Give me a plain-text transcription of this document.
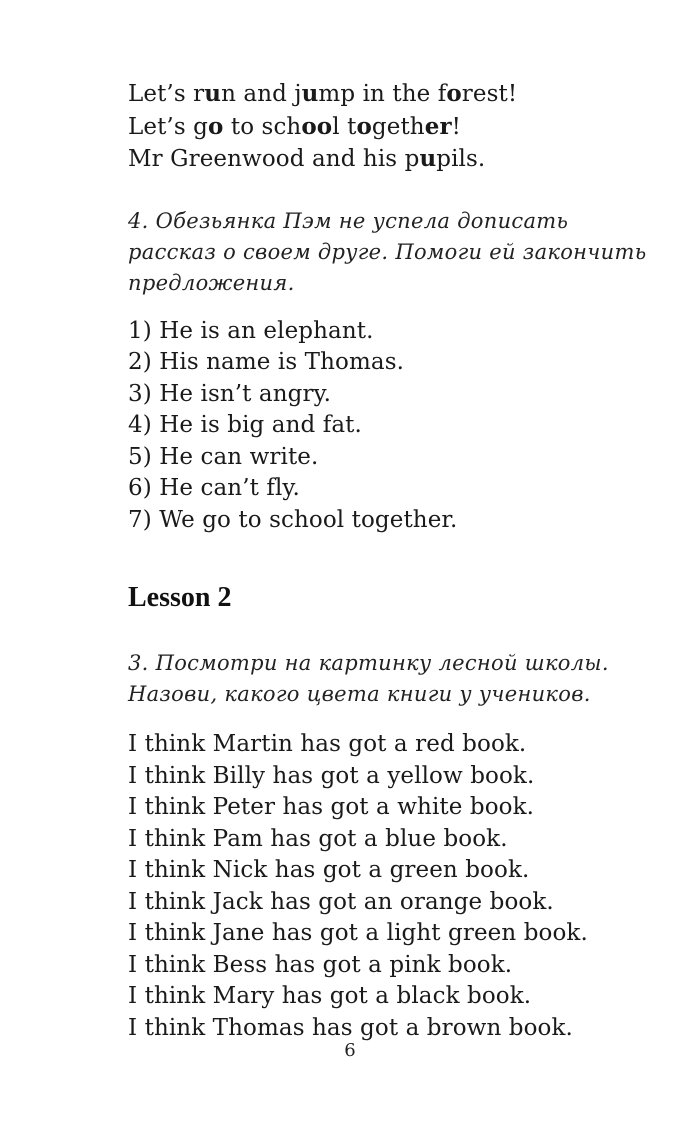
Let’s run and jump in the forest!
Let’s go to school together!
Mr Greenwood and his pupils.
4. Обезьянка Пэм не успела дописать рассказ о своем друге. Помоги ей закончить предложения.
1) He is an elephant.
2) His name is Thomas.
3) He isn’t angry.
4) He is big and fat.
5) He can write.
6) He can’t fly.
7) We go to school together.
Lesson 2
3. Посмотри на картинку лесной школы. Назови, какого цвета книги у учеников.
I think Martin has got a red book.
I think Billy has got a yellow book.
I think Peter has got a white book.
I think Pam has got a blue book.
I think Nick has got a green book.
I think Jack has got an orange book.
I think Jane has got a light green book.
I think Bess has got a pink book.
I think Mary has got a black book.
I think Thomas has got a brown book.
6
